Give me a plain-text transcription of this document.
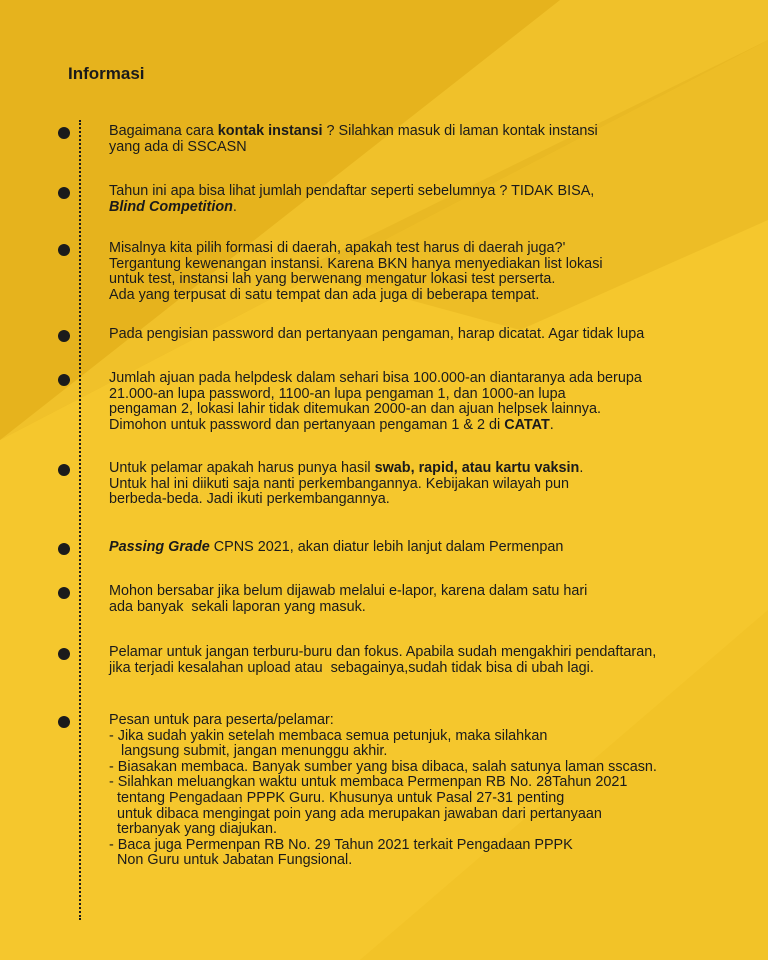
Informasi

Bagaimana cara kontak instansi ? Silahkan masuk di laman kontak instansi
yang ada di SSCASN

Tahun ini apa bisa lihat jumlah pendaftar seperti sebelumnya ? TIDAK BISA,
Blind Competition.

Misalnya kita pilih formasi di daerah, apakah test harus di daerah juga?'
Tergantung kewenangan instansi. Karena BKN hanya menyediakan list lokasi
untuk test, instansi lah yang berwenang mengatur lokasi test perserta.
Ada yang terpusat di satu tempat dan ada juga di beberapa tempat.

Pada pengisian password dan pertanyaan pengaman, harap dicatat. Agar tidak lupa

Jumlah ajuan pada helpdesk dalam sehari bisa 100.000-an diantaranya ada berupa
21.000-an lupa password, 1100-an lupa pengaman 1, dan 1000-an lupa
pengaman 2, lokasi lahir tidak ditemukan 2000-an dan ajuan helpsek lainnya.
Dimohon untuk password dan pertanyaan pengaman 1 & 2 di CATAT.

Untuk pelamar apakah harus punya hasil swab, rapid, atau kartu vaksin.
Untuk hal ini diikuti saja nanti perkembangannya. Kebijakan wilayah pun
berbeda-beda. Jadi ikuti perkembangannya.

Passing Grade CPNS 2021, akan diatur lebih lanjut dalam Permenpan

Mohon bersabar jika belum dijawab melalui e-lapor, karena dalam satu hari
ada banyak  sekali laporan yang masuk.

Pelamar untuk jangan terburu-buru dan fokus. Apabila sudah mengakhiri pendaftaran,
jika terjadi kesalahan upload atau  sebagainya,sudah tidak bisa di ubah lagi.

Pesan untuk para peserta/pelamar:
- Jika sudah yakin setelah membaca semua petunjuk, maka silahkan
langsung submit, jangan menunggu akhir.
- Biasakan membaca. Banyak sumber yang bisa dibaca, salah satunya laman sscasn.
- Silahkan meluangkan waktu untuk membaca Permenpan RB No. 28Tahun 2021
tentang Pengadaan PPPK Guru. Khusunya untuk Pasal 27-31 penting
untuk dibaca mengingat poin yang ada merupakan jawaban dari pertanyaan
terbanyak yang diajukan.
- Baca juga Permenpan RB No. 29 Tahun 2021 terkait Pengadaan PPPK
Non Guru untuk Jabatan Fungsional.
